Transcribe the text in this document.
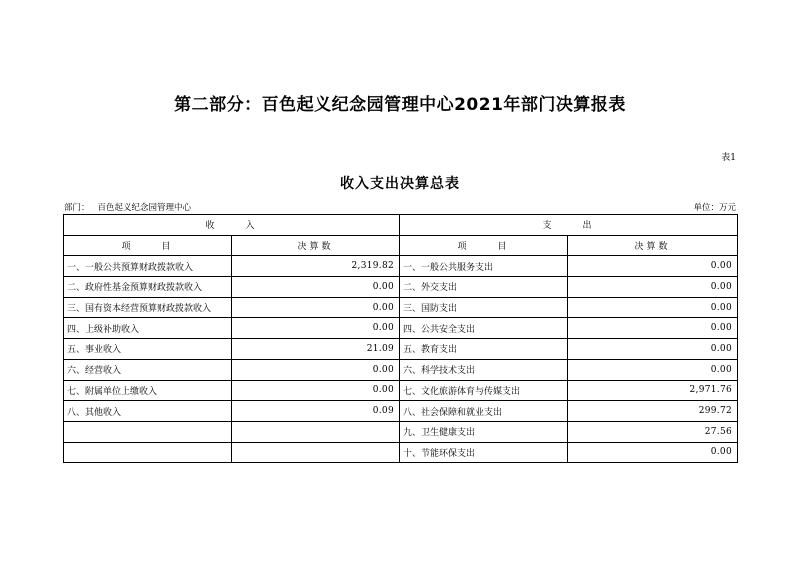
第二部分：百色起义纪念园管理中心2021年部门决算报表
表1
收入支出决算总表
部门： 百色起义纪念园管理中心	单位：万元
收 入		支 出	
项 目	决算数	项 目	决算数
一、一般公共预算财政拨款收入	2,319.82	一、一般公共服务支出	0.00
二、政府性基金预算财政拨款收入	0.00	二、外交支出	0.00
三、国有资本经营预算财政拨款收入	0.00	三、国防支出	0.00
四、上级补助收入	0.00	四、公共安全支出	0.00
五、事业收入	21.09	五、教育支出	0.00
六、经营收入	0.00	六、科学技术支出	0.00
七、附属单位上缴收入	0.00	七、文化旅游体育与传媒支出	2,971.76
八、其他收入	0.09	八、社会保障和就业支出	299.72
		九、卫生健康支出	27.56
		十、节能环保支出	0.00
